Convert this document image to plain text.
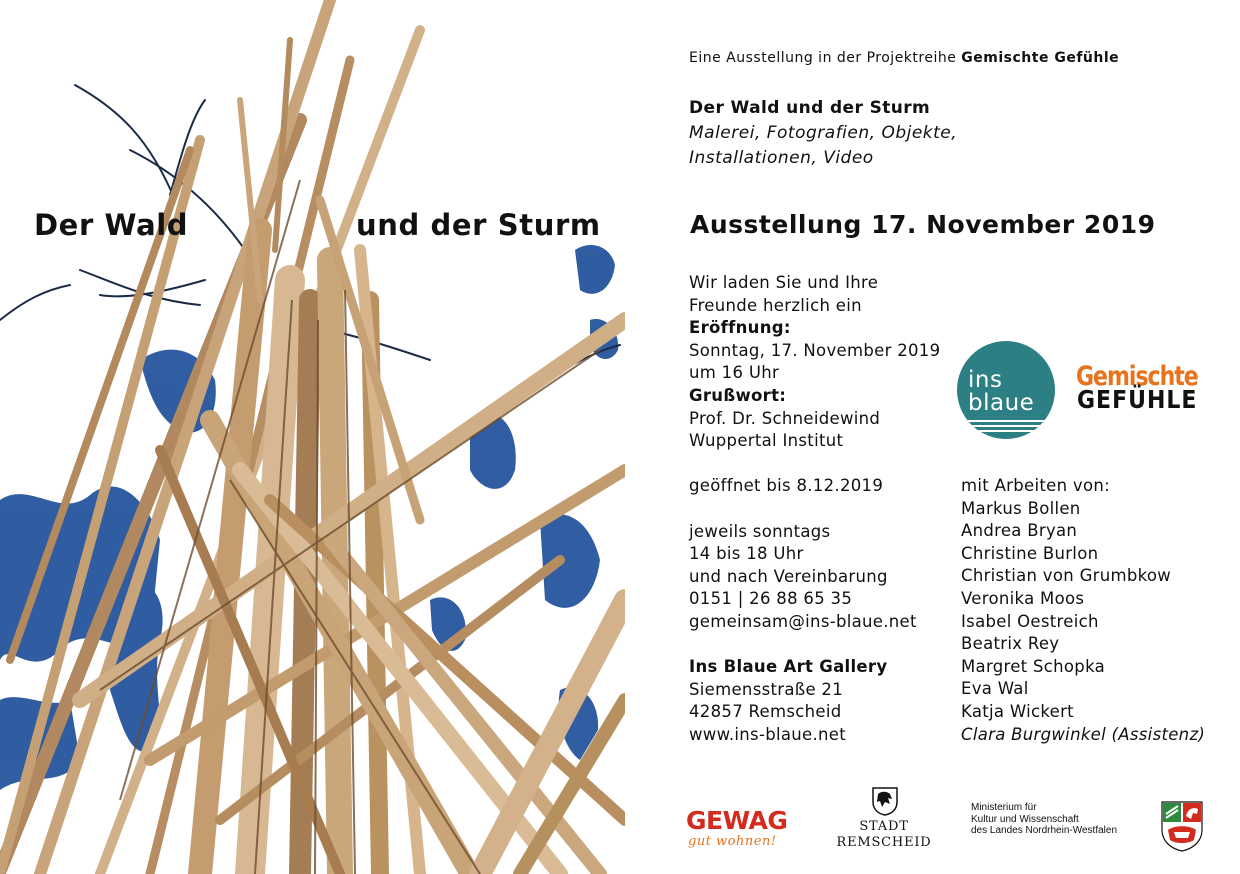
Der Wald	und der Sturm
Eine Ausstellung in der Projektreihe Gemischte Gefühle
Der Wald und der Sturm
Malerei, Fotografien, Objekte,
Installationen, Video
Ausstellung 17. November 2019
Wir laden Sie und Ihre
Freunde herzlich ein
Eröffnung:
Sonntag, 17. November 2019
um 16 Uhr
Grußwort:
Prof. Dr. Schneidewind
Wuppertal Institut
geöffnet bis 8.12.2019
jeweils sonntags
14 bis 18 Uhr
und nach Vereinbarung
0151 | 26 88 65 35
gemeinsam@ins-blaue.net
Ins Blaue Art Gallery
Siemensstraße 21
42857 Remscheid
www.ins-blaue.net
mit Arbeiten von:
Markus Bollen
Andrea Bryan
Christine Burlon
Christian von Grumbkow
Veronika Moos
Isabel Oestreich
Beatrix Rey
Margret Schopka
Eva Wal
Katja Wickert
Clara Burgwinkel (Assistenz)
ins
blaue
Gemischte
GEFÜHLE
GEWAG
gut wohnen!
STADT
REMSCHEID
Ministerium für
Kultur und Wissenschaft
des Landes Nordrhein-Westfalen
